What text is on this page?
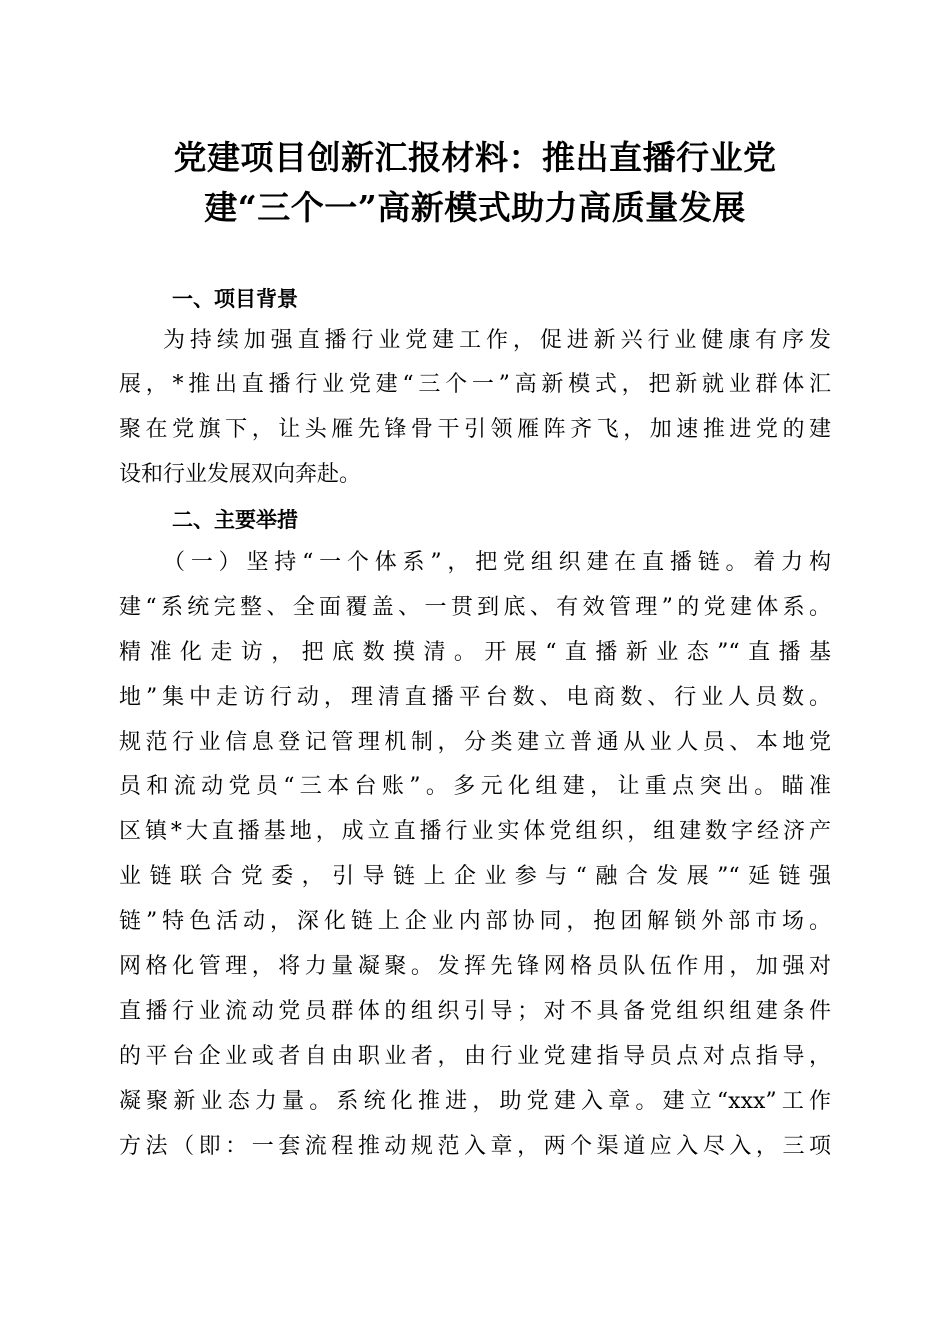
党建项目创新汇报材料：推出直播行业党
建“三个一”高新模式助力高质量发展
一、项目背景
为持续加强直播行业党建工作，促进新兴行业健康有序发
展，*推出直播行业党建“三个一”高新模式，把新就业群体汇
聚在党旗下，让头雁先锋骨干引领雁阵齐飞，加速推进党的建
设和行业发展双向奔赴。
二、主要举措
（一）坚持“一个体系”，把党组织建在直播链。着力构
建“系统完整、全面覆盖、一贯到底、有效管理”的党建体系。
精准化走访，把底数摸清。开展“直播新业态”“直播基
地”集中走访行动，理清直播平台数、电商数、行业人员数。
规范行业信息登记管理机制，分类建立普通从业人员、本地党
员和流动党员“三本台账”。多元化组建，让重点突出。瞄准
区镇*大直播基地，成立直播行业实体党组织，组建数字经济产
业链联合党委，引导链上企业参与“融合发展”“延链强
链”特色活动，深化链上企业内部协同，抱团解锁外部市场。
网格化管理，将力量凝聚。发挥先锋网格员队伍作用，加强对
直播行业流动党员群体的组织引导；对不具备党组织组建条件
的平台企业或者自由职业者，由行业党建指导员点对点指导，
凝聚新业态力量。系统化推进，助党建入章。建立“xxx”工作
方法（即：一套流程推动规范入章，两个渠道应入尽入，三项
